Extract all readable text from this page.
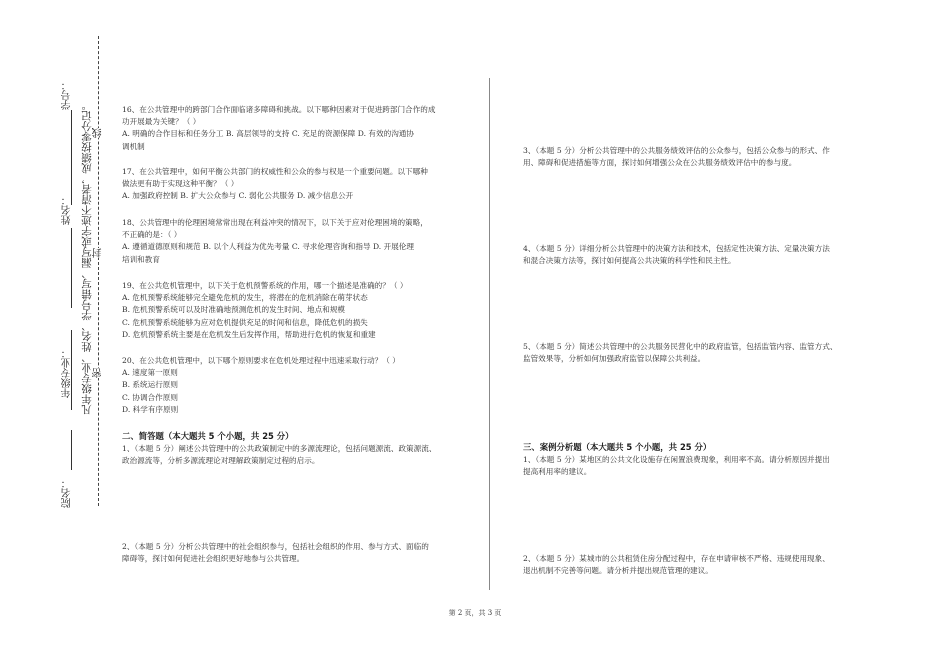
学号：
姓名：
年级专业：
院名：
凡年级专业、姓名、学号错写、漏写或字迹不清者，成绩按零分记。 密
封
线

16、在公共管理中的跨部门合作面临诸多障碍和挑战。以下哪种因素对于促进跨部门合作的成

功开展最为关键？（ ）

A. 明确的合作目标和任务分工 B. 高层领导的支持 C. 充足的资源保障 D. 有效的沟通协

调机制

17、在公共管理中，如何平衡公共部门的权威性和公众的参与权是一个重要问题。以下哪种

做法更有助于实现这种平衡？（ ）

A. 加强政府控制 B. 扩大公众参与 C. 弱化公共服务 D. 减少信息公开

18、公共管理中的伦理困境常常出现在利益冲突的情况下，以下关于应对伦理困境的策略，

不正确的是：（ ）

A. 遵循道德原则和规范 B. 以个人利益为优先考量 C. 寻求伦理咨询和指导 D. 开展伦理

培训和教育

19、在公共危机管理中，以下关于危机预警系统的作用，哪一个描述是准确的？（ ）

A. 危机预警系统能够完全避免危机的发生，将潜在的危机消除在萌芽状态

B. 危机预警系统可以及时准确地预测危机的发生时间、地点和规模

C. 危机预警系统能够为应对危机提供充足的时间和信息，降低危机的损失

D. 危机预警系统主要是在危机发生后发挥作用，帮助进行危机的恢复和重建

20、在公共危机管理中，以下哪个原则要求在危机处理过程中迅速采取行动？（ ）

A. 速度第一原则

B. 系统运行原则

C. 协调合作原则

D. 科学有序原则

二、简答题（本大题共 5 个小题，共 25 分）

1、（本题 5 分）阐述公共管理中的公共政策制定中的多源流理论，包括问题源流、政策源流、

政治源流等，分析多源流理论对理解政策制定过程的启示。

2、（本题 5 分）分析公共管理中的社会组织参与，包括社会组织的作用、参与方式、面临的

障碍等，探讨如何促进社会组织更好地参与公共管理。

3、（本题 5 分）分析公共管理中的公共服务绩效评估的公众参与，包括公众参与的形式、作

用、障碍和促进措施等方面，探讨如何增强公众在公共服务绩效评估中的参与度。

4、（本题 5 分）详细分析公共管理中的决策方法和技术，包括定性决策方法、定量决策方法

和混合决策方法等，探讨如何提高公共决策的科学性和民主性。

5、（本题 5 分）简述公共管理中的公共服务民营化中的政府监管，包括监管内容、监管方式、

监管效果等，分析如何加强政府监管以保障公共利益。

三、案例分析题（本大题共 5 个小题，共 25 分）

1、（本题 5 分）某地区的公共文化设施存在闲置浪费现象，利用率不高。请分析原因并提出

提高利用率的建议。

2、（本题 5 分）某城市的公共租赁住房分配过程中，存在申请审核不严格、违规使用现象、

退出机制不完善等问题。请分析并提出规范管理的建议。

第 2 页，共 3 页
